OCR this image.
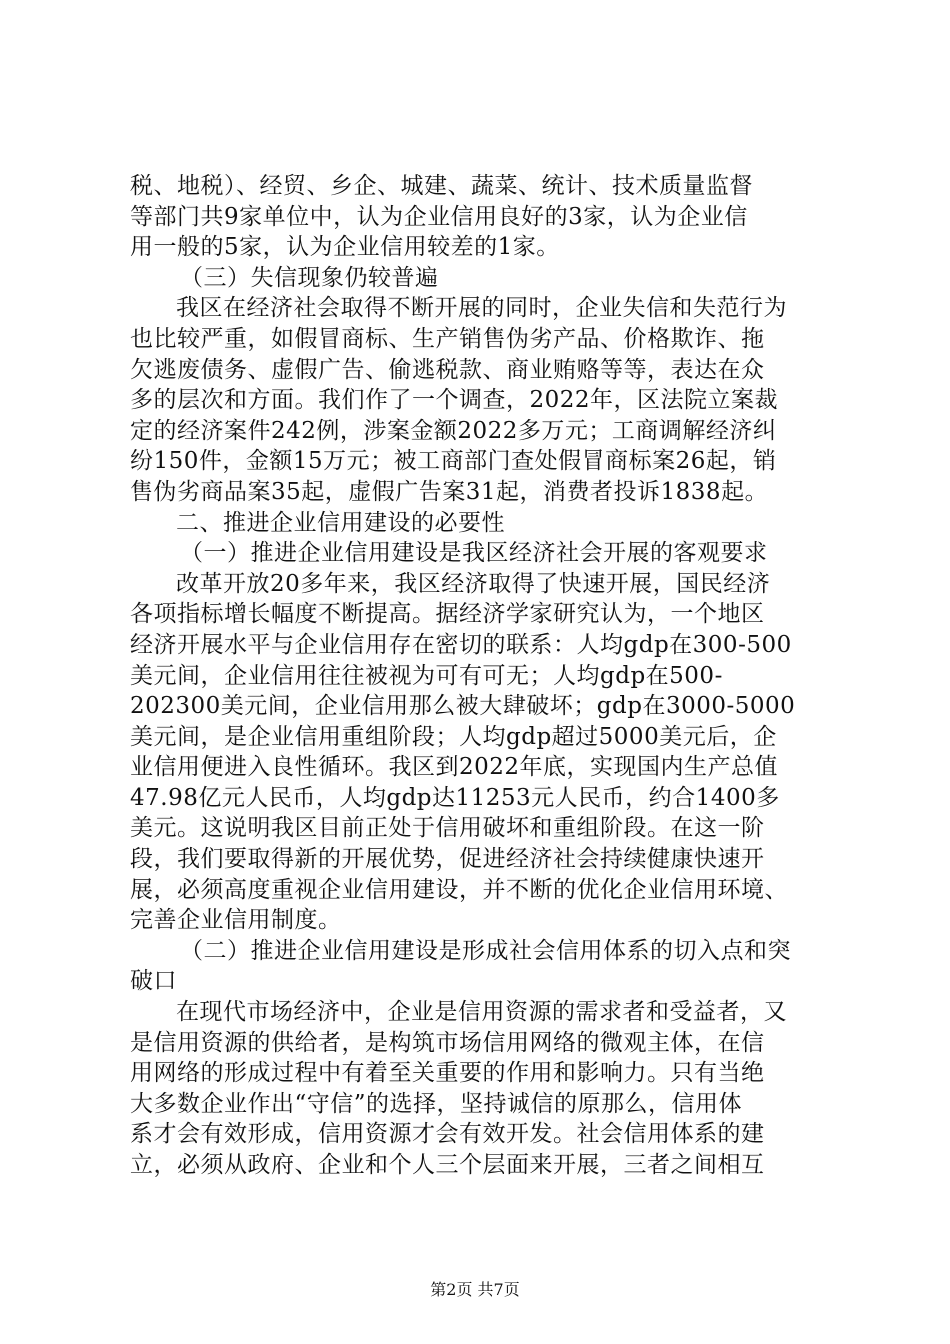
税、地税）、经贸、乡企、城建、蔬菜、统计、技术质量监督
等部门共9家单位中，认为企业信用良好的3家，认为企业信
用一般的5家，认为企业信用较差的1家。
（三）失信现象仍较普遍
我区在经济社会取得不断开展的同时，企业失信和失范行为
也比较严重，如假冒商标、生产销售伪劣产品、价格欺诈、拖
欠逃废债务、虚假广告、偷逃税款、商业贿赂等等，表达在众
多的层次和方面。我们作了一个调查，2022年，区法院立案裁
定的经济案件242例，涉案金额2022多万元；工商调解经济纠
纷150件，金额15万元；被工商部门查处假冒商标案26起，销
售伪劣商品案35起，虚假广告案31起，消费者投诉1838起。
二、推进企业信用建设的必要性
（一）推进企业信用建设是我区经济社会开展的客观要求
改革开放20多年来，我区经济取得了快速开展，国民经济
各项指标增长幅度不断提高。据经济学家研究认为，一个地区
经济开展水平与企业信用存在密切的联系：人均gdp在300-500
美元间，企业信用往往被视为可有可无；人均gdp在500-
202300美元间，企业信用那么被大肆破坏；gdp在3000-5000
美元间，是企业信用重组阶段；人均gdp超过5000美元后，企
业信用便进入良性循环。我区到2022年底，实现国内生产总值
47.98亿元人民币，人均gdp达11253元人民币，约合1400多
美元。这说明我区目前正处于信用破坏和重组阶段。在这一阶
段，我们要取得新的开展优势，促进经济社会持续健康快速开
展，必须高度重视企业信用建设，并不断的优化企业信用环境、
完善企业信用制度。
（二）推进企业信用建设是形成社会信用体系的切入点和突
破口
在现代市场经济中，企业是信用资源的需求者和受益者，又
是信用资源的供给者，是构筑市场信用网络的微观主体，在信
用网络的形成过程中有着至关重要的作用和影响力。只有当绝
大多数企业作出“守信”的选择，坚持诚信的原那么，信用体
系才会有效形成，信用资源才会有效开发。社会信用体系的建
立，必须从政府、企业和个人三个层面来开展，三者之间相互
第2页 共7页
